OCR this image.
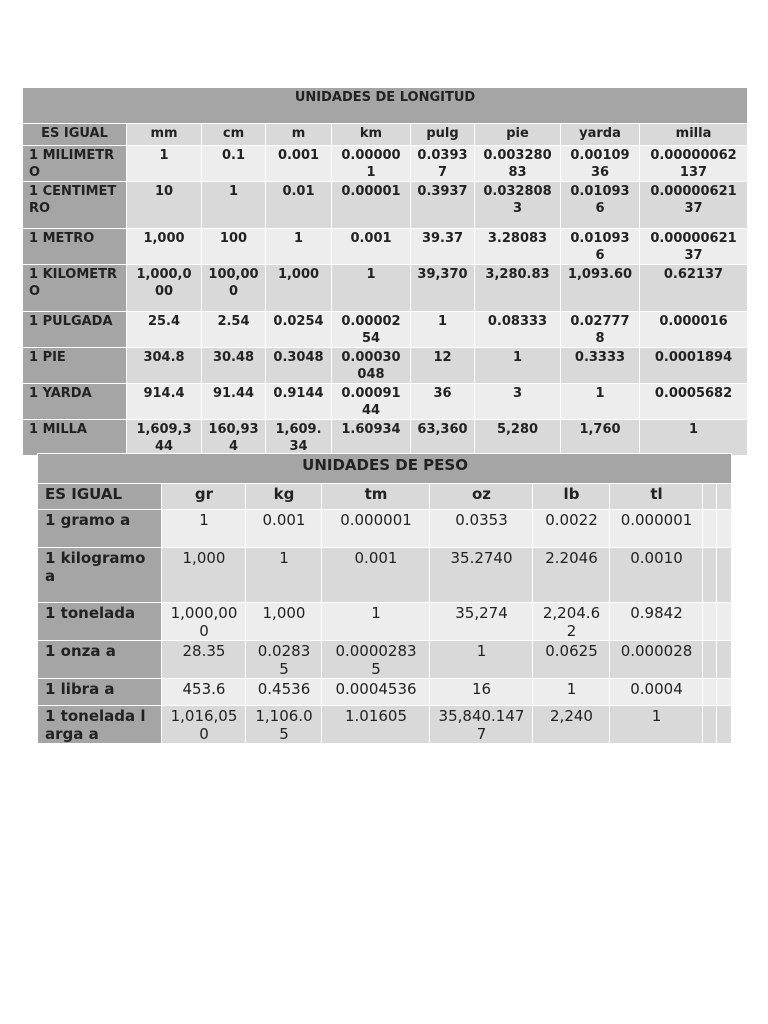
UNIDADES DE LONGITUD								
ES IGUAL	mm	cm	m	km	pulg	pie	yarda	milla
1 MILIMETRO	1	0.1	0.001	0.000001	0.03937	0.00328083	0.0010936	0.00000062137
1 CENTIMETRO	10	1	0.01	0.00001	0.3937	0.0328083	0.010936	0.0000062137
1 METRO	1,000	100	1	0.001	39.37	3.28083	0.010936	0.0000062137
1 KILOMETRO	1,000,000	100,000	1,000	1	39,370	3,280.83	1,093.60	0.62137
1 PULGADA	25.4	2.54	0.0254	0.0000254	1	0.08333	0.027778	0.000016
1 PIE	304.8	30.48	0.3048	0.00030048	12	1	0.3333	0.0001894
1 YARDA	914.4	91.44	0.9144	0.00091 44	36	3	1	0.0005682
1 MILLA	1,609,344	160,934	1,609.34	1.60934	63,360	5,280	1,760	1
UNIDADES DE PESO								
ES IGUAL	gr	kg	tm	oz	lb	tl		
1 gramo a	1	0.001	0.000001	0.0353	0.0022	0.000001		
1 kilogramo a	1,000	1	0.001	35.2740	2.2046	0.0010		
1 tonelada	1,000,000	1,000	1	35,274	2,204.62	0.9842		
1 onza a	28.35	0.02835	0.0000283 5	1	0.0625	0.000028		
1 libra a	453.6	0.4536	0.0004536	16	1	0.0004		
1 tonelada larga a	1,016,050	1,106.05	1.01605	35,840.1477	2,240	1		
